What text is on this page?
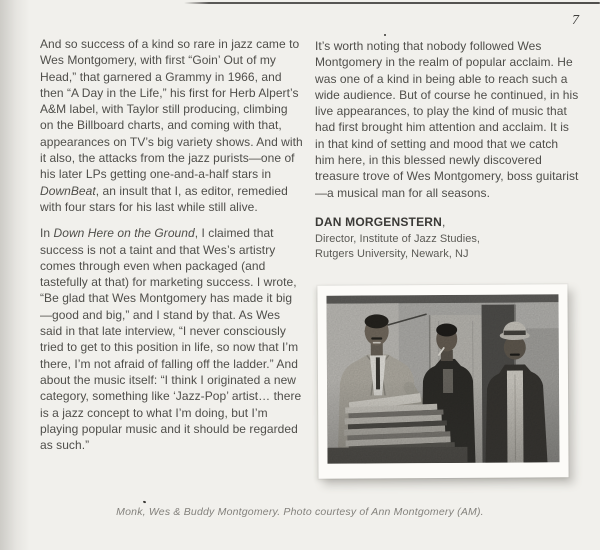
7

And so success of a kind so rare in jazz came to Wes Montgomery, with first “Goin’ Out of my Head,” that garnered a Grammy in 1966, and then “A Day in the Life,” his first for Herb Alpert’s A&M label, with Taylor still producing, climbing on the Billboard charts, and coming with that, appearances on TV’s big variety shows. And with it also, the attacks from the jazz purists—one of his later LPs getting one-and-a-half stars in DownBeat, an insult that I, as editor, remedied with four stars for his last while still alive.

In Down Here on the Ground, I claimed that success is not a taint and that Wes’s artistry comes through even when packaged (and tastefully at that) for marketing success. I wrote, “Be glad that Wes Montgomery has made it big—good and big,” and I stand by that. As Wes said in that late interview, “I never consciously tried to get to this position in life, so now that I’m there, I’m not afraid of falling off the ladder.” And about the music itself: “I think I originated a new category, something like ‘Jazz-Pop’ artist… there is a jazz concept to what I’m doing, but I’m playing popular music and it should be regarded as such.”

It’s worth noting that nobody followed Wes Montgomery in the realm of popular acclaim. He was one of a kind in being able to reach such a wide audience. But of course he continued, in his live appearances, to play the kind of music that had first brought him attention and acclaim. It is in that kind of setting and mood that we catch him here, in this blessed newly discovered treasure trove of Wes Montgomery, boss guitarist—a musical man for all seasons.

DAN MORGENSTERN,
Director, Institute of Jazz Studies,
Rutgers University, Newark, NJ
Monk, Wes & Buddy Montgomery. Photo courtesy of Ann Montgomery (AM).
